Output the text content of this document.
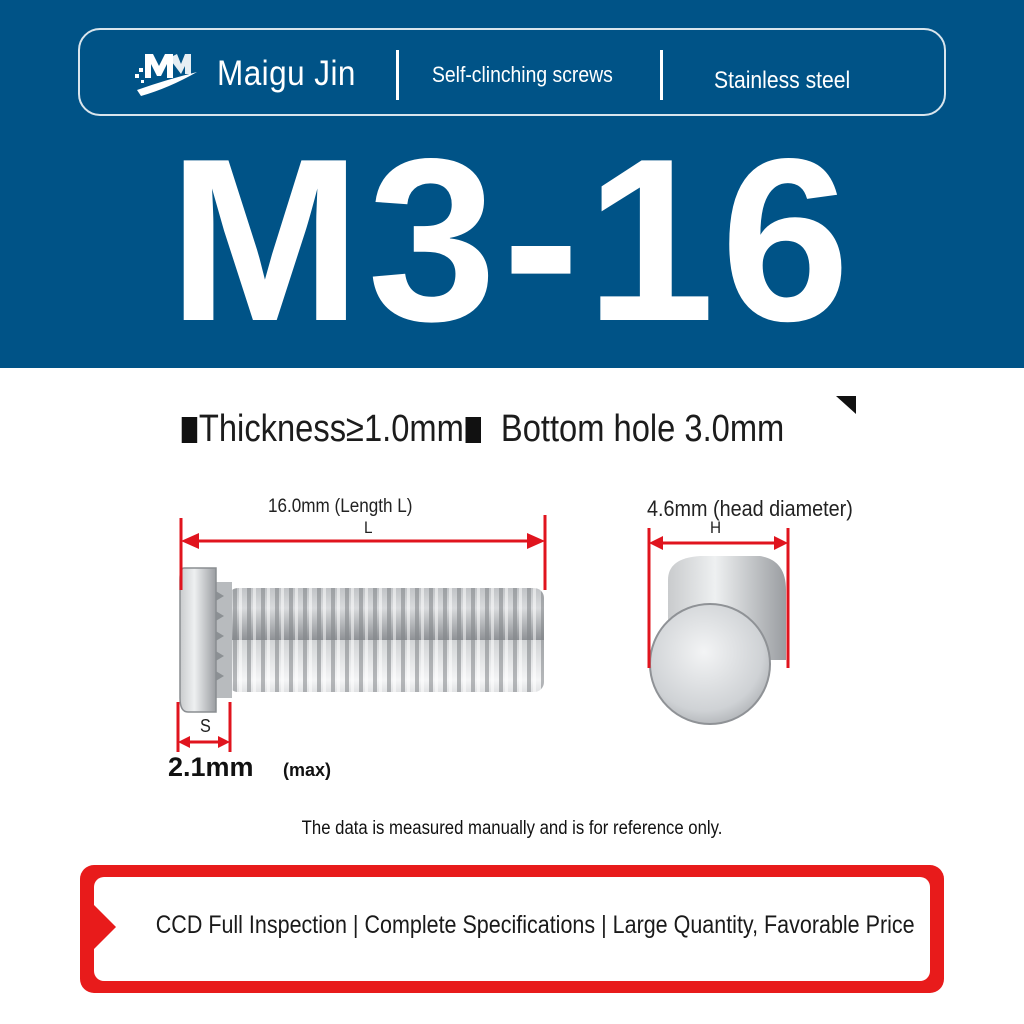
Maigu Jin	Self-clinching screws	Stainless steel
M3-16
Thickness≥1.0mm Bottom hole 3.0mm
16.0mm (Length L)
L
4.6mm (head diameter)
H
S
2.1mm (max)
The data is measured manually and is for reference only.
CCD Full Inspection | Complete Specifications | Large Quantity, Favorable Price
